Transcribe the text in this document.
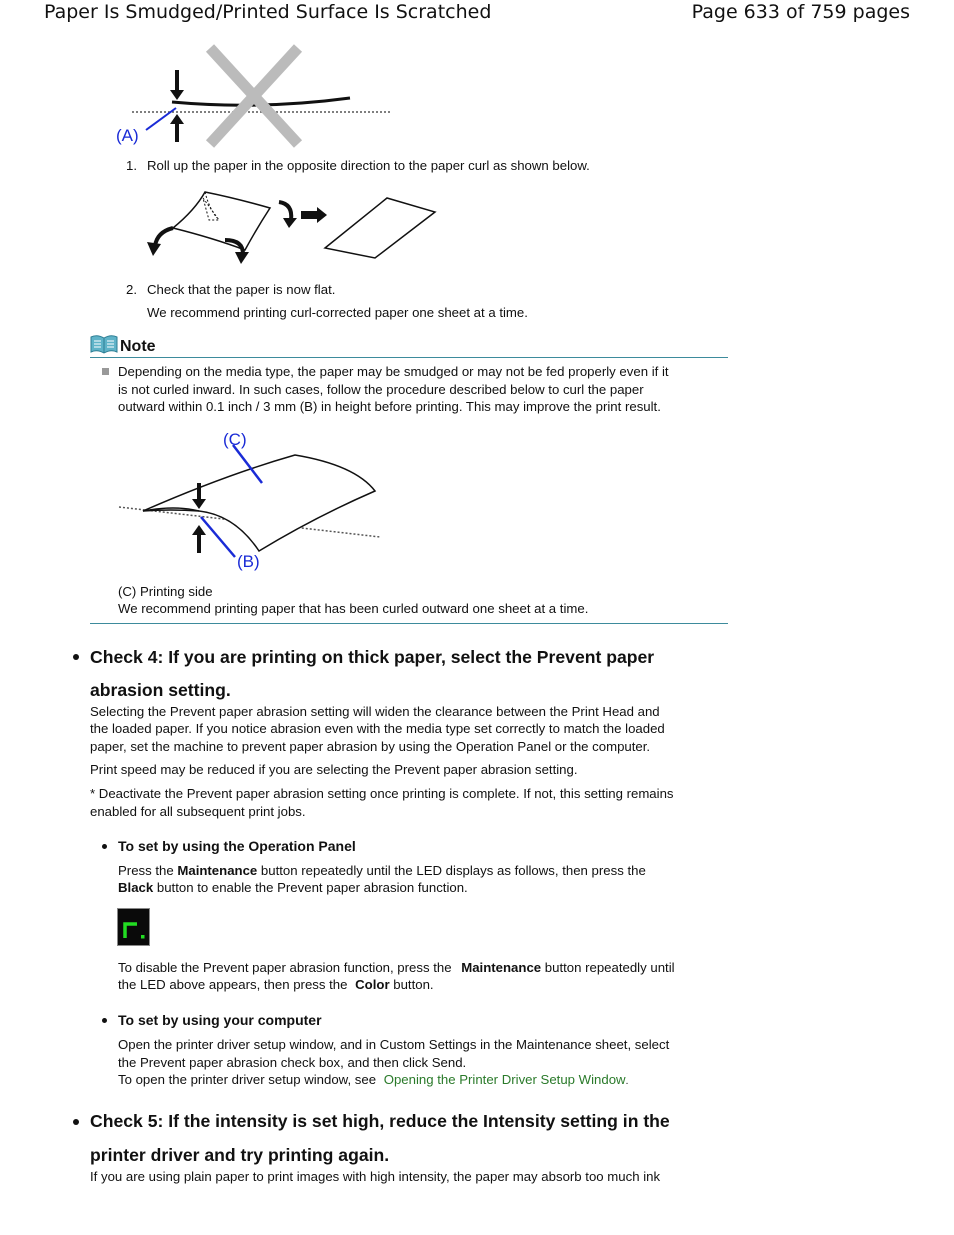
Paper Is Smudged/Printed Surface Is Scratched	Page 633 of 759 pages
(A)
1. Roll up the paper in the opposite direction to the paper curl as shown below.
2. Check that the paper is now flat.
We recommend printing curl-corrected paper one sheet at a time.
Note
Depending on the media type, the paper may be smudged or may not be fed properly even if it
is not curled inward. In such cases, follow the procedure described below to curl the paper
outward within 0.1 inch / 3 mm (B) in height before printing. This may improve the print result.
(C)
(B)
(C) Printing side
We recommend printing paper that has been curled outward one sheet at a time.
Check 4: If you are printing on thick paper, select the Prevent paper
abrasion setting.
Selecting the Prevent paper abrasion setting will widen the clearance between the Print Head and
the loaded paper. If you notice abrasion even with the media type set correctly to match the loaded
paper, set the machine to prevent paper abrasion by using the Operation Panel or the computer.
Print speed may be reduced if you are selecting the Prevent paper abrasion setting.
* Deactivate the Prevent paper abrasion setting once printing is complete. If not, this setting remains
enabled for all subsequent print jobs.
To set by using the Operation Panel
Press the Maintenance button repeatedly until the LED displays as follows, then press the
Black button to enable the Prevent paper abrasion function.
To disable the Prevent paper abrasion function, press the Maintenance button repeatedly until
the LED above appears, then press the Color button.
To set by using your computer
Open the printer driver setup window, and in Custom Settings in the Maintenance sheet, select
the Prevent paper abrasion check box, and then click Send.
To open the printer driver setup window, see Opening the Printer Driver Setup Window.
Check 5: If the intensity is set high, reduce the Intensity setting in the
printer driver and try printing again.
If you are using plain paper to print images with high intensity, the paper may absorb too much ink
